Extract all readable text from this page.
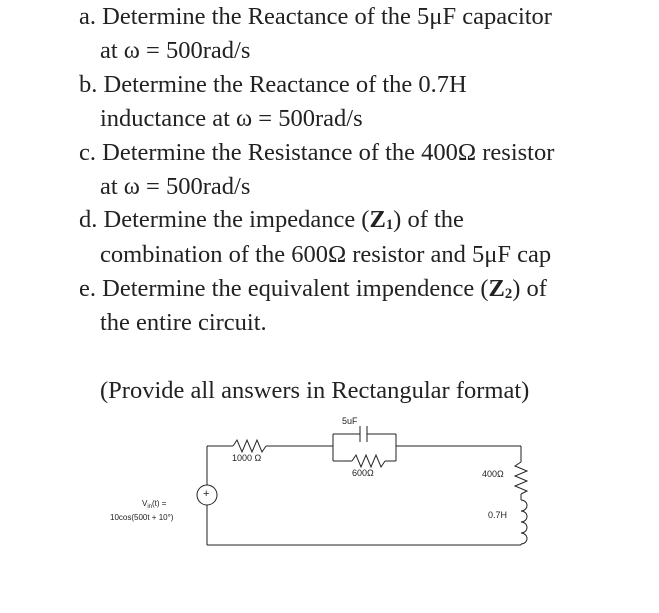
a. Determine the Reactance of the 5μF capacitor
at ω = 500rad/s
b. Determine the Reactance of the 0.7H
inductance at ω = 500rad/s
c. Determine the Resistance of the 400Ω resistor
at ω = 500rad/s
d. Determine the impedance $(Z_1)$ of the
combination of the 600Ω resistor and 5μF cap
e. Determine the equivalent impendence $(Z_2)$ of
the entire circuit.
(Provide all answers in Rectangular format)
+
1000 Ω
5uF
600Ω	400Ω
0.7H
$V_{in}(t)$ =
10cos(500t + 10°)
